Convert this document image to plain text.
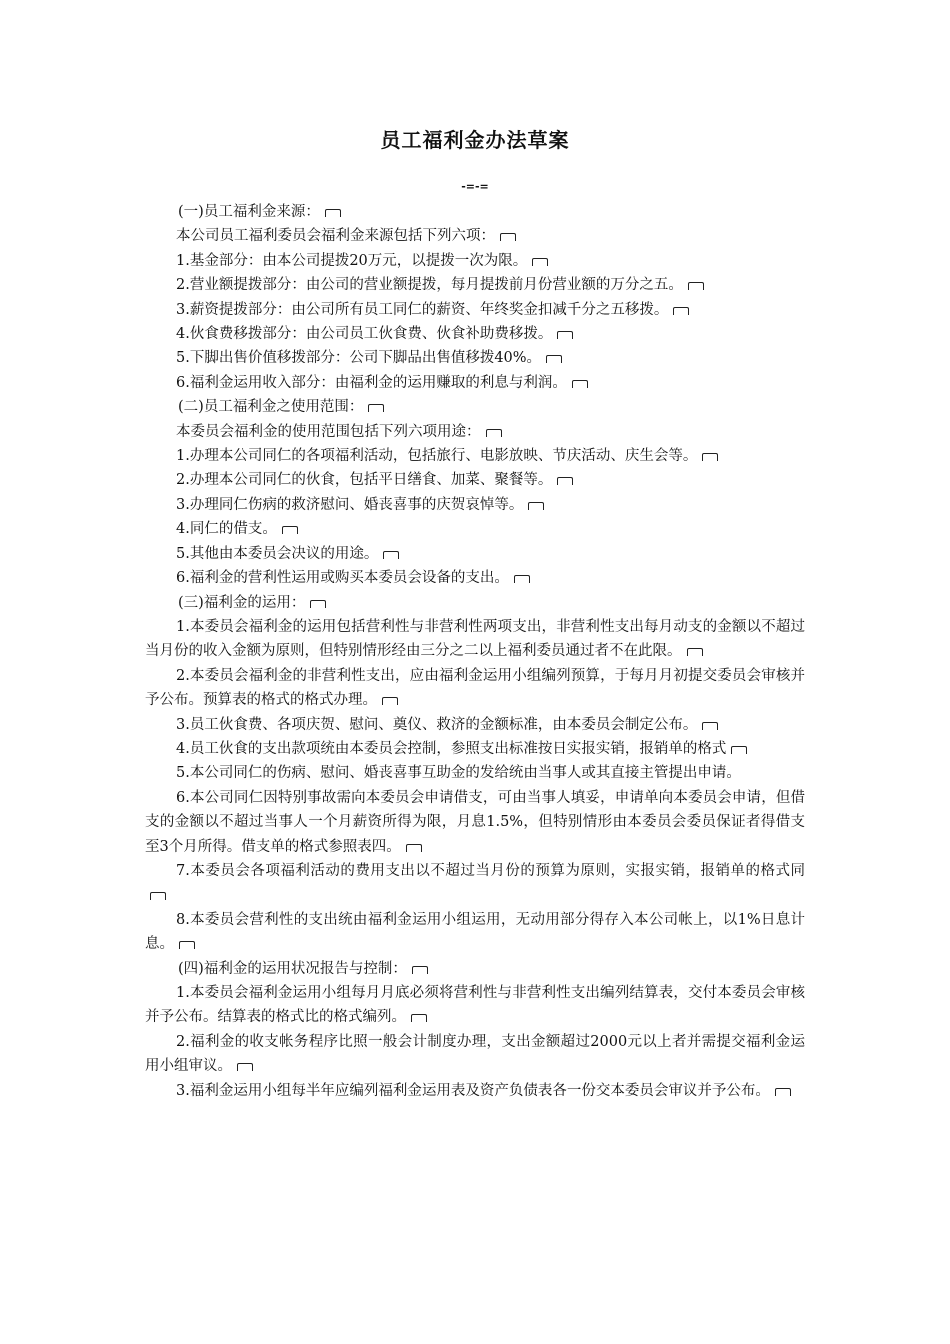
员工福利金办法草案
-=-=

(一)员工福利金来源：

本公司员工福利委员会福利金来源包括下列六项：

1.基金部分：由本公司提拨20万元，以提拨一次为限。

2.营业额提拨部分：由公司的营业额提拨，每月提拨前月份营业额的万分之五。

3.薪资提拨部分：由公司所有员工同仁的薪资、年终奖金扣减千分之五移拨。

4.伙食费移拨部分：由公司员工伙食费、伙食补助费移拨。

5.下脚出售价值移拨部分：公司下脚品出售值移拨40%。

6.福利金运用收入部分：由福利金的运用赚取的利息与利润。

(二)员工福利金之使用范围：

本委员会福利金的使用范围包括下列六项用途：

1.办理本公司同仁的各项福利活动，包括旅行、电影放映、节庆活动、庆生会等。

2.办理本公司同仁的伙食，包括平日缮食、加菜、聚餐等。

3.办理同仁伤病的救济慰问、婚丧喜事的庆贺哀悼等。

4.同仁的借支。

5.其他由本委员会决议的用途。

6.福利金的营利性运用或购买本委员会设备的支出。

(三)福利金的运用：

1.本委员会福利金的运用包括营利性与非营利性两项支出，非营利性支出每月动支的金额以不超过当月份的收入金额为原则，但特别情形经由三分之二以上福利委员通过者不在此限。

2.本委员会福利金的非营利性支出，应由福利金运用小组编列预算，于每月月初提交委员会审核并予公布。预算表的格式的格式办理。

3.员工伙食费、各项庆贺、慰问、奠仪、救济的金额标准，由本委员会制定公布。

4.员工伙食的支出款项统由本委员会控制，参照支出标准按日实报实销，报销单的格式

5.本公司同仁的伤病、慰问、婚丧喜事互助金的发给统由当事人或其直接主管提出申请。

6.本公司同仁因特别事故需向本委员会申请借支，可由当事人填妥，申请单向本委员会申请，但借支的金额以不超过当事人一个月薪资所得为限，月息1.5%，但特别情形由本委员会委员保证者得借支至3个月所得。借支单的格式参照表四。

7.本委员会各项福利活动的费用支出以不超过当月份的预算为原则，实报实销，报销单的格式同

8.本委员会营利性的支出统由福利金运用小组运用，无动用部分得存入本公司帐上，以1%日息计息。

(四)福利金的运用状况报告与控制：

1.本委员会福利金运用小组每月月底必须将营利性与非营利性支出编列结算表，交付本委员会审核并予公布。结算表的格式比的格式编列。

2.福利金的收支帐务程序比照一般会计制度办理，支出金额超过2000元以上者并需提交福利金运用小组审议。

3.福利金运用小组每半年应编列福利金运用表及资产负债表各一份交本委员会审议并予公布。
